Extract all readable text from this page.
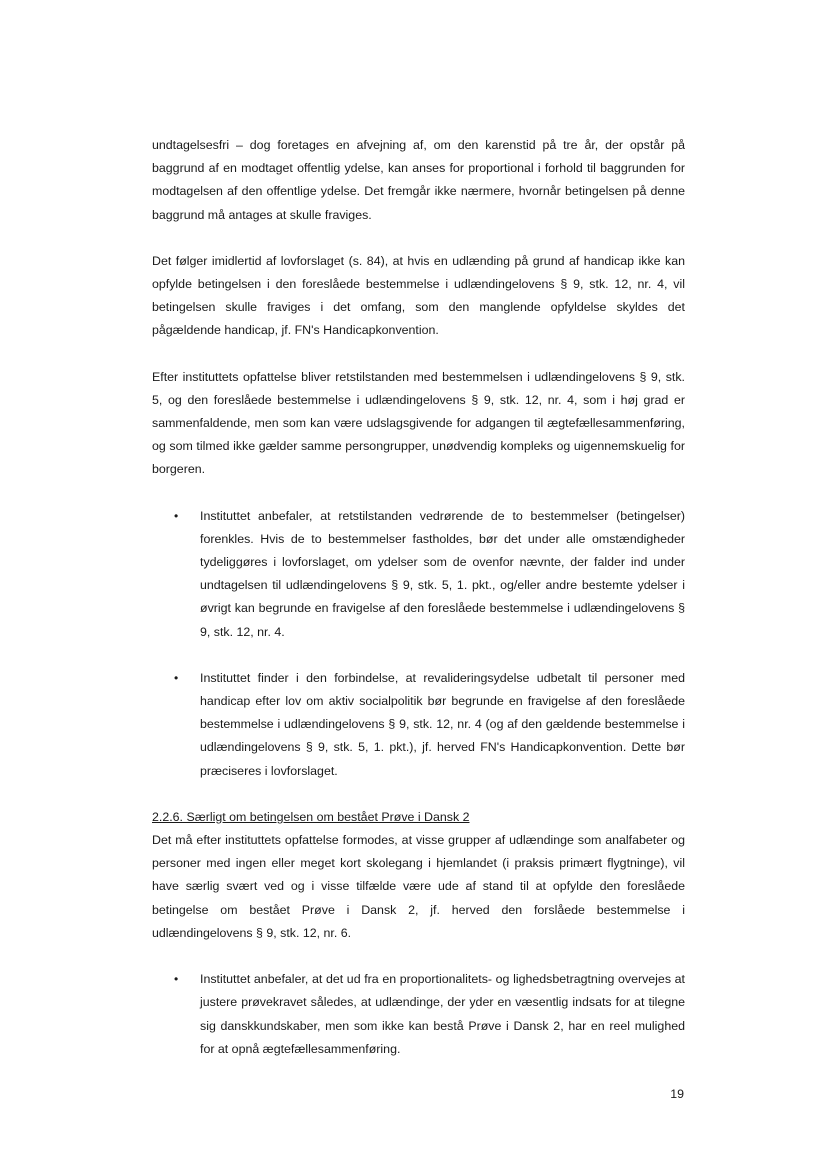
undtagelsesfri – dog foretages en afvejning af, om den karenstid på tre år, der opstår på baggrund af en modtaget offentlig ydelse, kan anses for proportional i forhold til baggrunden for modtagelsen af den offentlige ydelse. Det fremgår ikke nærmere, hvornår betingelsen på denne baggrund må antages at skulle fraviges.

Det følger imidlertid af lovforslaget (s. 84), at hvis en udlænding på grund af handicap ikke kan opfylde betingelsen i den foreslåede bestemmelse i udlændingelovens § 9, stk. 12, nr. 4, vil betingelsen skulle fraviges i det omfang, som den manglende opfyldelse skyldes det pågældende handicap, jf. FN's Handicapkonvention.

Efter instituttets opfattelse bliver retstilstanden med bestemmelsen i udlændingelovens § 9, stk. 5, og den foreslåede bestemmelse i udlændingelovens § 9, stk. 12, nr. 4, som i høj grad er sammenfaldende, men som kan være udslagsgivende for adgangen til ægtefællesammenføring, og som tilmed ikke gælder samme persongrupper, unødvendig kompleks og uigennemskuelig for borgeren.

• Instituttet anbefaler, at retstilstanden vedrørende de to bestemmelser (betingelser) forenkles. Hvis de to bestemmelser fastholdes, bør det under alle omstændigheder tydeliggøres i lovforslaget, om ydelser som de ovenfor nævnte, der falder ind under undtagelsen til udlændingelovens § 9, stk. 5, 1. pkt., og/eller andre bestemte ydelser i øvrigt kan begrunde en fravigelse af den foreslåede bestemmelse i udlændingelovens § 9, stk. 12, nr. 4.
• Instituttet finder i den forbindelse, at revalideringsydelse udbetalt til personer med handicap efter lov om aktiv socialpolitik bør begrunde en fravigelse af den foreslåede bestemmelse i udlændingelovens § 9, stk. 12, nr. 4 (og af den gældende bestemmelse i udlændingelovens § 9, stk. 5, 1. pkt.), jf. herved FN's Handicapkonvention. Dette bør præciseres i lovforslaget.

2.2.6. Særligt om betingelsen om bestået Prøve i Dansk 2

Det må efter instituttets opfattelse formodes, at visse grupper af udlændinge som analfabeter og personer med ingen eller meget kort skolegang i hjemlandet (i praksis primært flygtninge), vil have særlig svært ved og i visse tilfælde være ude af stand til at opfylde den foreslåede betingelse om bestået Prøve i Dansk 2, jf. herved den forslåede bestemmelse i udlændingelovens § 9, stk. 12, nr. 6.

• Instituttet anbefaler, at det ud fra en proportionalitets- og lighedsbetragtning overvejes at justere prøvekravet således, at udlændinge, der yder en væsentlig indsats for at tilegne sig danskkundskaber, men som ikke kan bestå Prøve i Dansk 2, har en reel mulighed for at opnå ægtefællesammenføring.
19
